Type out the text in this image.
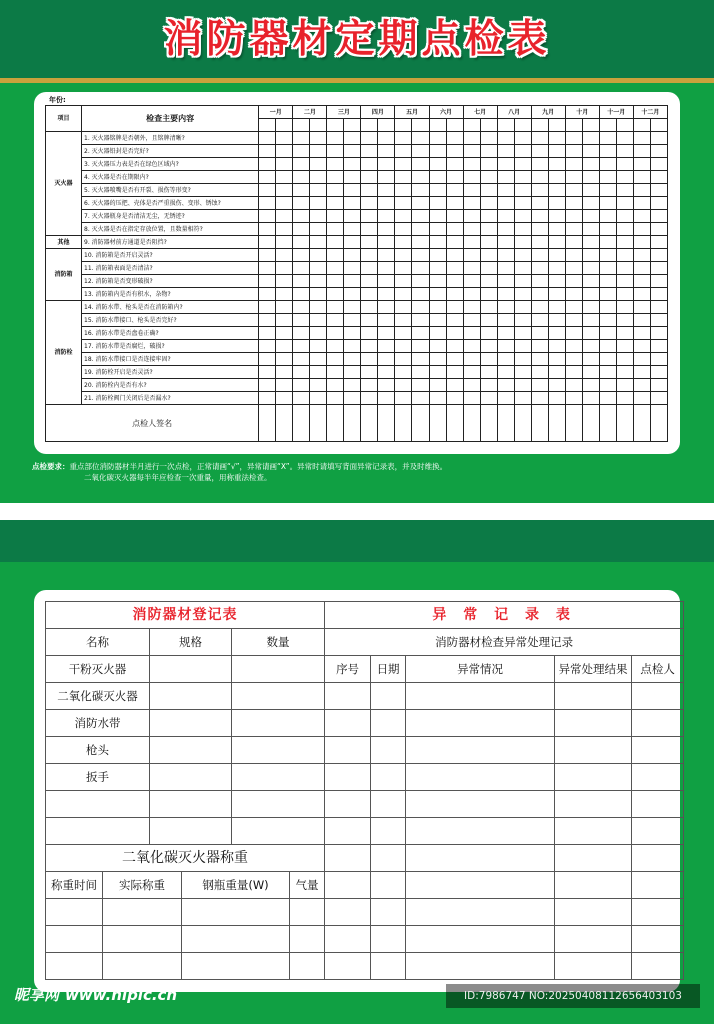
消防器材定期点检表
点检要求：重点部位消防器材半月进行一次点检，正常请画“√”，异常请画“X”。异常时请填写背面异常记录表，并及时维换。
二氧化碳灭火器每半年应检查一次重量，用称重法检查。
年份:
项目	检查主要内容	一月		二月		三月		四月		五月		六月		七月		八月		九月		十月		十一月		十二月	

灭火器	1. 灭火器铭牌是否朝外，且铭牌清晰?																								
	2. 灭火器铅封是否完好?																								
	3. 灭火器压力表是否在绿色区域内?																								
	4. 灭火器是否在期限内?																								
	5. 灭火器喷嘴是否有开裂、损伤等形变?																								
	6. 灭火器的压把、壳体是否严重损伤、变形、锈蚀?																								
	7. 灭火器瓶身是否清洁无尘，无锈迹?																								
	8. 灭火器是否在指定存放位置，且数量相符?																								
其他	9. 消防器材前方通道是否阻挡?																								
消防箱	10. 消防箱是否开启灵活?																								
	11. 消防箱表面是否清洁?																								
	12. 消防箱是否变形破损?																								
	13. 消防箱内是否有积水，杂物?																								
消防栓	14. 消防水带、枪头是否在消防箱内?																								
	15. 消防水带接口、枪头是否完好?																								
	16. 消防水带是否盘卷正确?																								
	17. 消防水带是否腐烂，破损?																								
	18. 消防水带接口是否连接牢固?																								
	19. 消防栓开启是否灵活?																								
	20. 消防栓内是否有水?																								
	21. 消防栓阀门关闭后是否漏水?																								
点检人签名																									
消防器材登记表						异 常 记 录 表				
名称		规格		数量		消防器材检查异常处理记录				
干粉灭火器						序号	日期	异常情况	异常处理结果	点检人
二氧化碳灭火器										
消防水带										
枪头										
扳手										

二氧化碳灭火器称重										
称重时间	实际称重		钢瓶重量(W)		气量					

昵享网 www.nipic.cn	ID:7986747 NO:20250408112656403103
